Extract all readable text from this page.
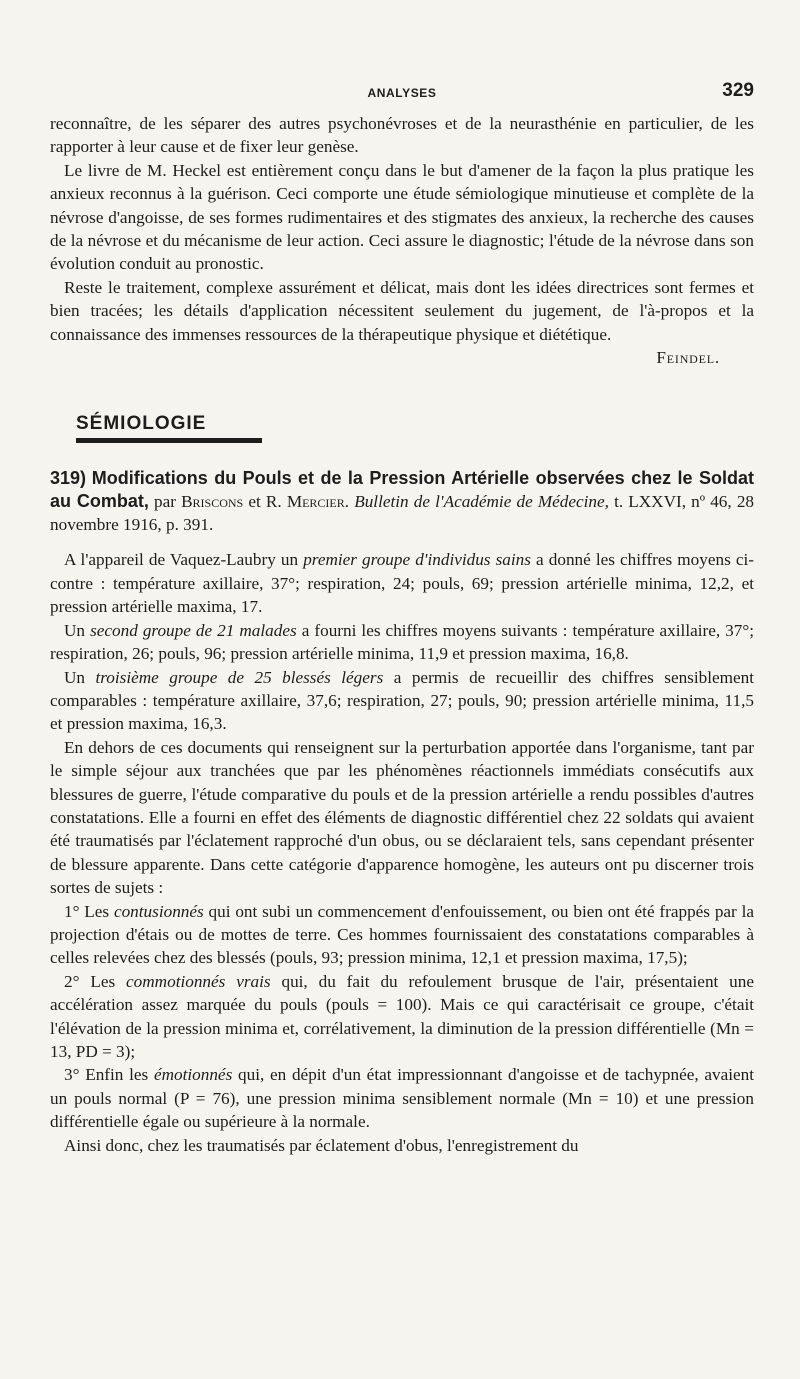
ANALYSES	329

reconnaître, de les séparer des autres psychonévroses et de la neurasthénie en particulier, de les rapporter à leur cause et de fixer leur genèse.

Le livre de M. Heckel est entièrement conçu dans le but d'amener de la façon la plus pratique les anxieux reconnus à la guérison. Ceci comporte une étude sémiologique minutieuse et complète de la névrose d'angoisse, de ses formes rudimentaires et des stigmates des anxieux, la recherche des causes de la névrose et du mécanisme de leur action. Ceci assure le diagnostic; l'étude de la névrose dans son évolution conduit au pronostic.

Reste le traitement, complexe assurément et délicat, mais dont les idées directrices sont fermes et bien tracées; les détails d'application nécessitent seulement du jugement, de l'à-propos et la connaissance des immenses ressources de la thérapeutique physique et diététique.

Feindel.
SÉMIOLOGIE
319) Modifications du Pouls et de la Pression Artérielle observées chez le Soldat au Combat, par Briscons et R. Mercier. Bulletin de l'Académie de Médecine, t. LXXVI, nº 46, 28 novembre 1916, p. 391.

A l'appareil de Vaquez-Laubry un premier groupe d'individus sains a donné les chiffres moyens ci-contre : température axillaire, 37°; respiration, 24; pouls, 69; pression artérielle minima, 12,2, et pression artérielle maxima, 17.

Un second groupe de 21 malades a fourni les chiffres moyens suivants : température axillaire, 37°; respiration, 26; pouls, 96; pression artérielle minima, 11,9 et pression maxima, 16,8.

Un troisième groupe de 25 blessés légers a permis de recueillir des chiffres sensiblement comparables : température axillaire, 37,6; respiration, 27; pouls, 90; pression artérielle minima, 11,5 et pression maxima, 16,3.

En dehors de ces documents qui renseignent sur la perturbation apportée dans l'organisme, tant par le simple séjour aux tranchées que par les phénomènes réactionnels immédiats consécutifs aux blessures de guerre, l'étude comparative du pouls et de la pression artérielle a rendu possibles d'autres constatations. Elle a fourni en effet des éléments de diagnostic différentiel chez 22 soldats qui avaient été traumatisés par l'éclatement rapproché d'un obus, ou se déclaraient tels, sans cependant présenter de blessure apparente. Dans cette catégorie d'apparence homogène, les auteurs ont pu discerner trois sortes de sujets :

1° Les contusionnés qui ont subi un commencement d'enfouissement, ou bien ont été frappés par la projection d'étais ou de mottes de terre. Ces hommes fournissaient des constatations comparables à celles relevées chez des blessés (pouls, 93; pression minima, 12,1 et pression maxima, 17,5);

2° Les commotionnés vrais qui, du fait du refoulement brusque de l'air, présentaient une accélération assez marquée du pouls (pouls = 100). Mais ce qui caractérisait ce groupe, c'était l'élévation de la pression minima et, corrélativement, la diminution de la pression différentielle (Mn = 13, PD = 3);

3° Enfin les émotionnés qui, en dépit d'un état impressionnant d'angoisse et de tachypnée, avaient un pouls normal (P = 76), une pression minima sensiblement normale (Mn = 10) et une pression différentielle égale ou supérieure à la normale.

Ainsi donc, chez les traumatisés par éclatement d'obus, l'enregistrement du
